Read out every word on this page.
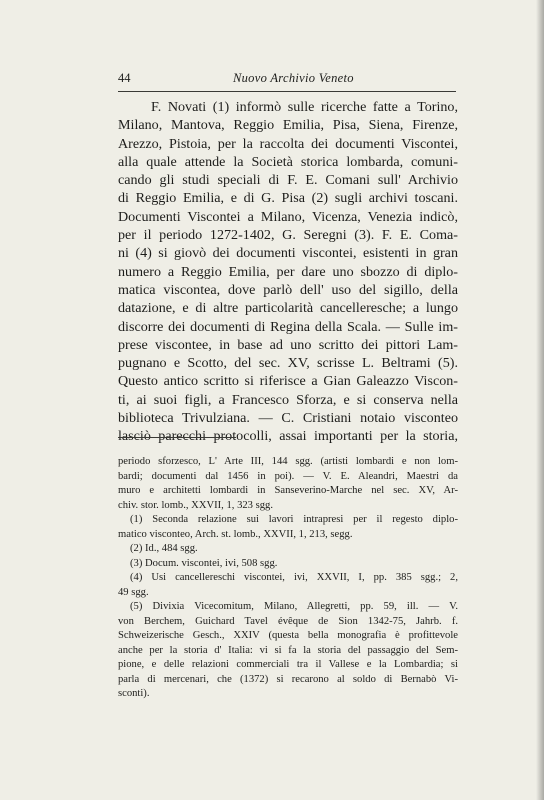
44	Nuovo Archivio Veneto
F. Novati (1) informò sulle ricerche fatte a Torino,
Milano, Mantova, Reggio Emilia, Pisa, Siena, Firenze,
Arezzo, Pistoia, per la raccolta dei documenti Viscontei,
alla quale attende la Società storica lombarda, comuni-
cando gli studi speciali di F. E. Comani sull' Archivio
di Reggio Emilia, e di G. Pisa (2) sugli archivi toscani.
Documenti Viscontei a Milano, Vicenza, Venezia indicò,
per il periodo 1272-1402, G. Seregni (3). F. E. Coma-
ni (4) si giovò dei documenti viscontei, esistenti in gran
numero a Reggio Emilia, per dare uno sbozzo di diplo-
matica viscontea, dove parlò dell' uso del sigillo, della
datazione, e di altre particolarità cancelleresche; a lungo
discorre dei documenti di Regina della Scala. — Sulle im-
prese viscontee, in base ad uno scritto dei pittori Lam-
pugnano e Scotto, del sec. XV, scrisse L. Beltrami (5).
Questo antico scritto si riferisce a Gian Galeazzo Viscon-
ti, ai suoi figli, a Francesco Sforza, e si conserva nella
biblioteca Trivulziana. — C. Cristiani notaio visconteo
lasciò parecchi protocolli, assai importanti per la storia,
periodo sforzesco, L' Arte III, 144 sgg. (artisti lombardi e non lom-
bardi; documenti dal 1456 in poi). — V. E. Aleandri, Maestri da
muro e architetti lombardi in Sanseverino-Marche nel sec. XV, Ar-
chiv. stor. lomb., XXVII, 1, 323 sgg.
(1) Seconda relazione sui lavori intrapresi per il regesto diplo-
matico visconteo, Arch. st. lomb., XXVII, 1, 213, segg.
(2) Id., 484 sgg.
(3) Docum. viscontei, ivi, 508 sgg.
(4) Usi cancellereschi viscontei, ivi, XXVII, I, pp. 385 sgg.; 2,
49 sgg.
(5) Divixia Vicecomitum, Milano, Allegretti, pp. 59, ill. — V.
von Berchem, Guichard Tavel évêque de Sion 1342-75, Jahrb. f.
Schweizerische Gesch., XXIV (questa bella monografia è profittevole
anche per la storia d' Italia: vi si fa la storia del passaggio del Sem-
pione, e delle relazioni commerciali tra il Vallese e la Lombardia; si
parla di mercenari, che (1372) si recarono al soldo di Bernabò Vi-
sconti).
